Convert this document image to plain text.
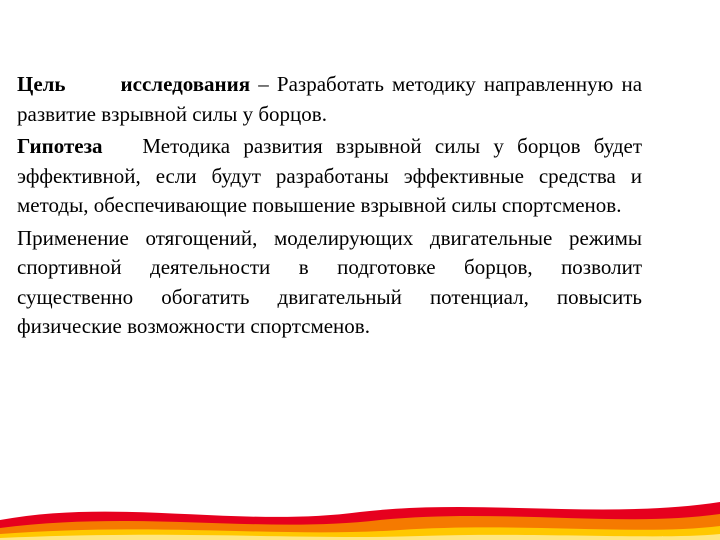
Цель	исследования – Разработать методику направленную на развитие взрывной силы у борцов.

Гипотеза Методика развития взрывной силы у борцов будет эффективной, если будут разработаны эффективные средства и методы, обеспечивающие повышение взрывной силы спортсменов.

Применение отягощений, моделирующих двигательные режимы спортивной деятельности в подготовке борцов, позволит существенно обогатить двигательный потенциал, повысить физические возможности спортсменов.
